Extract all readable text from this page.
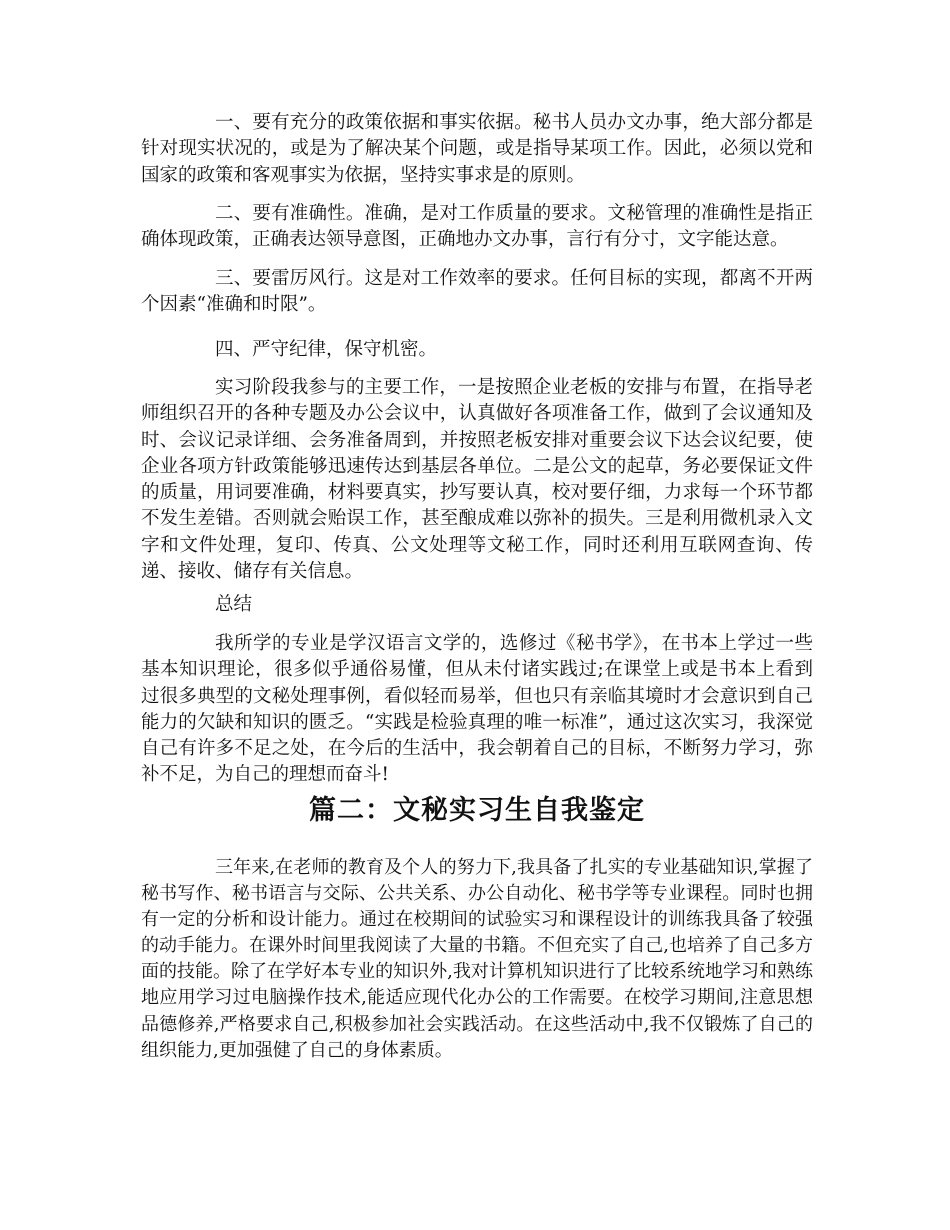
一、要有充分的政策依据和事实依据。秘书人员办文办事，绝大部分都是针对现实状况的，或是为了解决某个问题，或是指导某项工作。因此，必须以党和国家的政策和客观事实为依据，坚持实事求是的原则。

二、要有准确性。准确，是对工作质量的要求。文秘管理的准确性是指正确体现政策，正确表达领导意图，正确地办文办事，言行有分寸，文字能达意。

三、要雷厉风行。这是对工作效率的要求。任何目标的实现，都离不开两个因素“准确和时限”。

四、严守纪律，保守机密。

实习阶段我参与的主要工作，一是按照企业老板的安排与布置，在指导老师组织召开的各种专题及办公会议中，认真做好各项准备工作，做到了会议通知及时、会议记录详细、会务准备周到，并按照老板安排对重要会议下达会议纪要，使企业各项方针政策能够迅速传达到基层各单位。二是公文的起草，务必要保证文件的质量，用词要准确，材料要真实，抄写要认真，校对要仔细，力求每一个环节都不发生差错。否则就会贻误工作，甚至酿成难以弥补的损失。三是利用微机录入文字和文件处理，复印、传真、公文处理等文秘工作，同时还利用互联网查询、传递、接收、储存有关信息。

总结

我所学的专业是学汉语言文学的，选修过《秘书学》，在书本上学过一些基本知识理论，很多似乎通俗易懂，但从未付诸实践过;在课堂上或是书本上看到过很多典型的文秘处理事例，看似轻而易举，但也只有亲临其境时才会意识到自己能力的欠缺和知识的匮乏。“实践是检验真理的唯一标准”，通过这次实习，我深觉自己有许多不足之处，在今后的生活中，我会朝着自己的目标，不断努力学习，弥补不足，为自己的理想而奋斗!

篇二：文秘实习生自我鉴定

三年来,在老师的教育及个人的努力下,我具备了扎实的专业基础知识,掌握了秘书写作、秘书语言与交际、公共关系、办公自动化、秘书学等专业课程。同时也拥有一定的分析和设计能力。通过在校期间的试验实习和课程设计的训练我具备了较强的动手能力。在课外时间里我阅读了大量的书籍。不但充实了自己,也培养了自己多方面的技能。除了在学好本专业的知识外,我对计算机知识进行了比较系统地学习和熟练地应用学习过电脑操作技术,能适应现代化办公的工作需要。在校学习期间,注意思想品德修养,严格要求自己,积极参加社会实践活动。在这些活动中,我不仅锻炼了自己的组织能力,更加强健了自己的身体素质。
